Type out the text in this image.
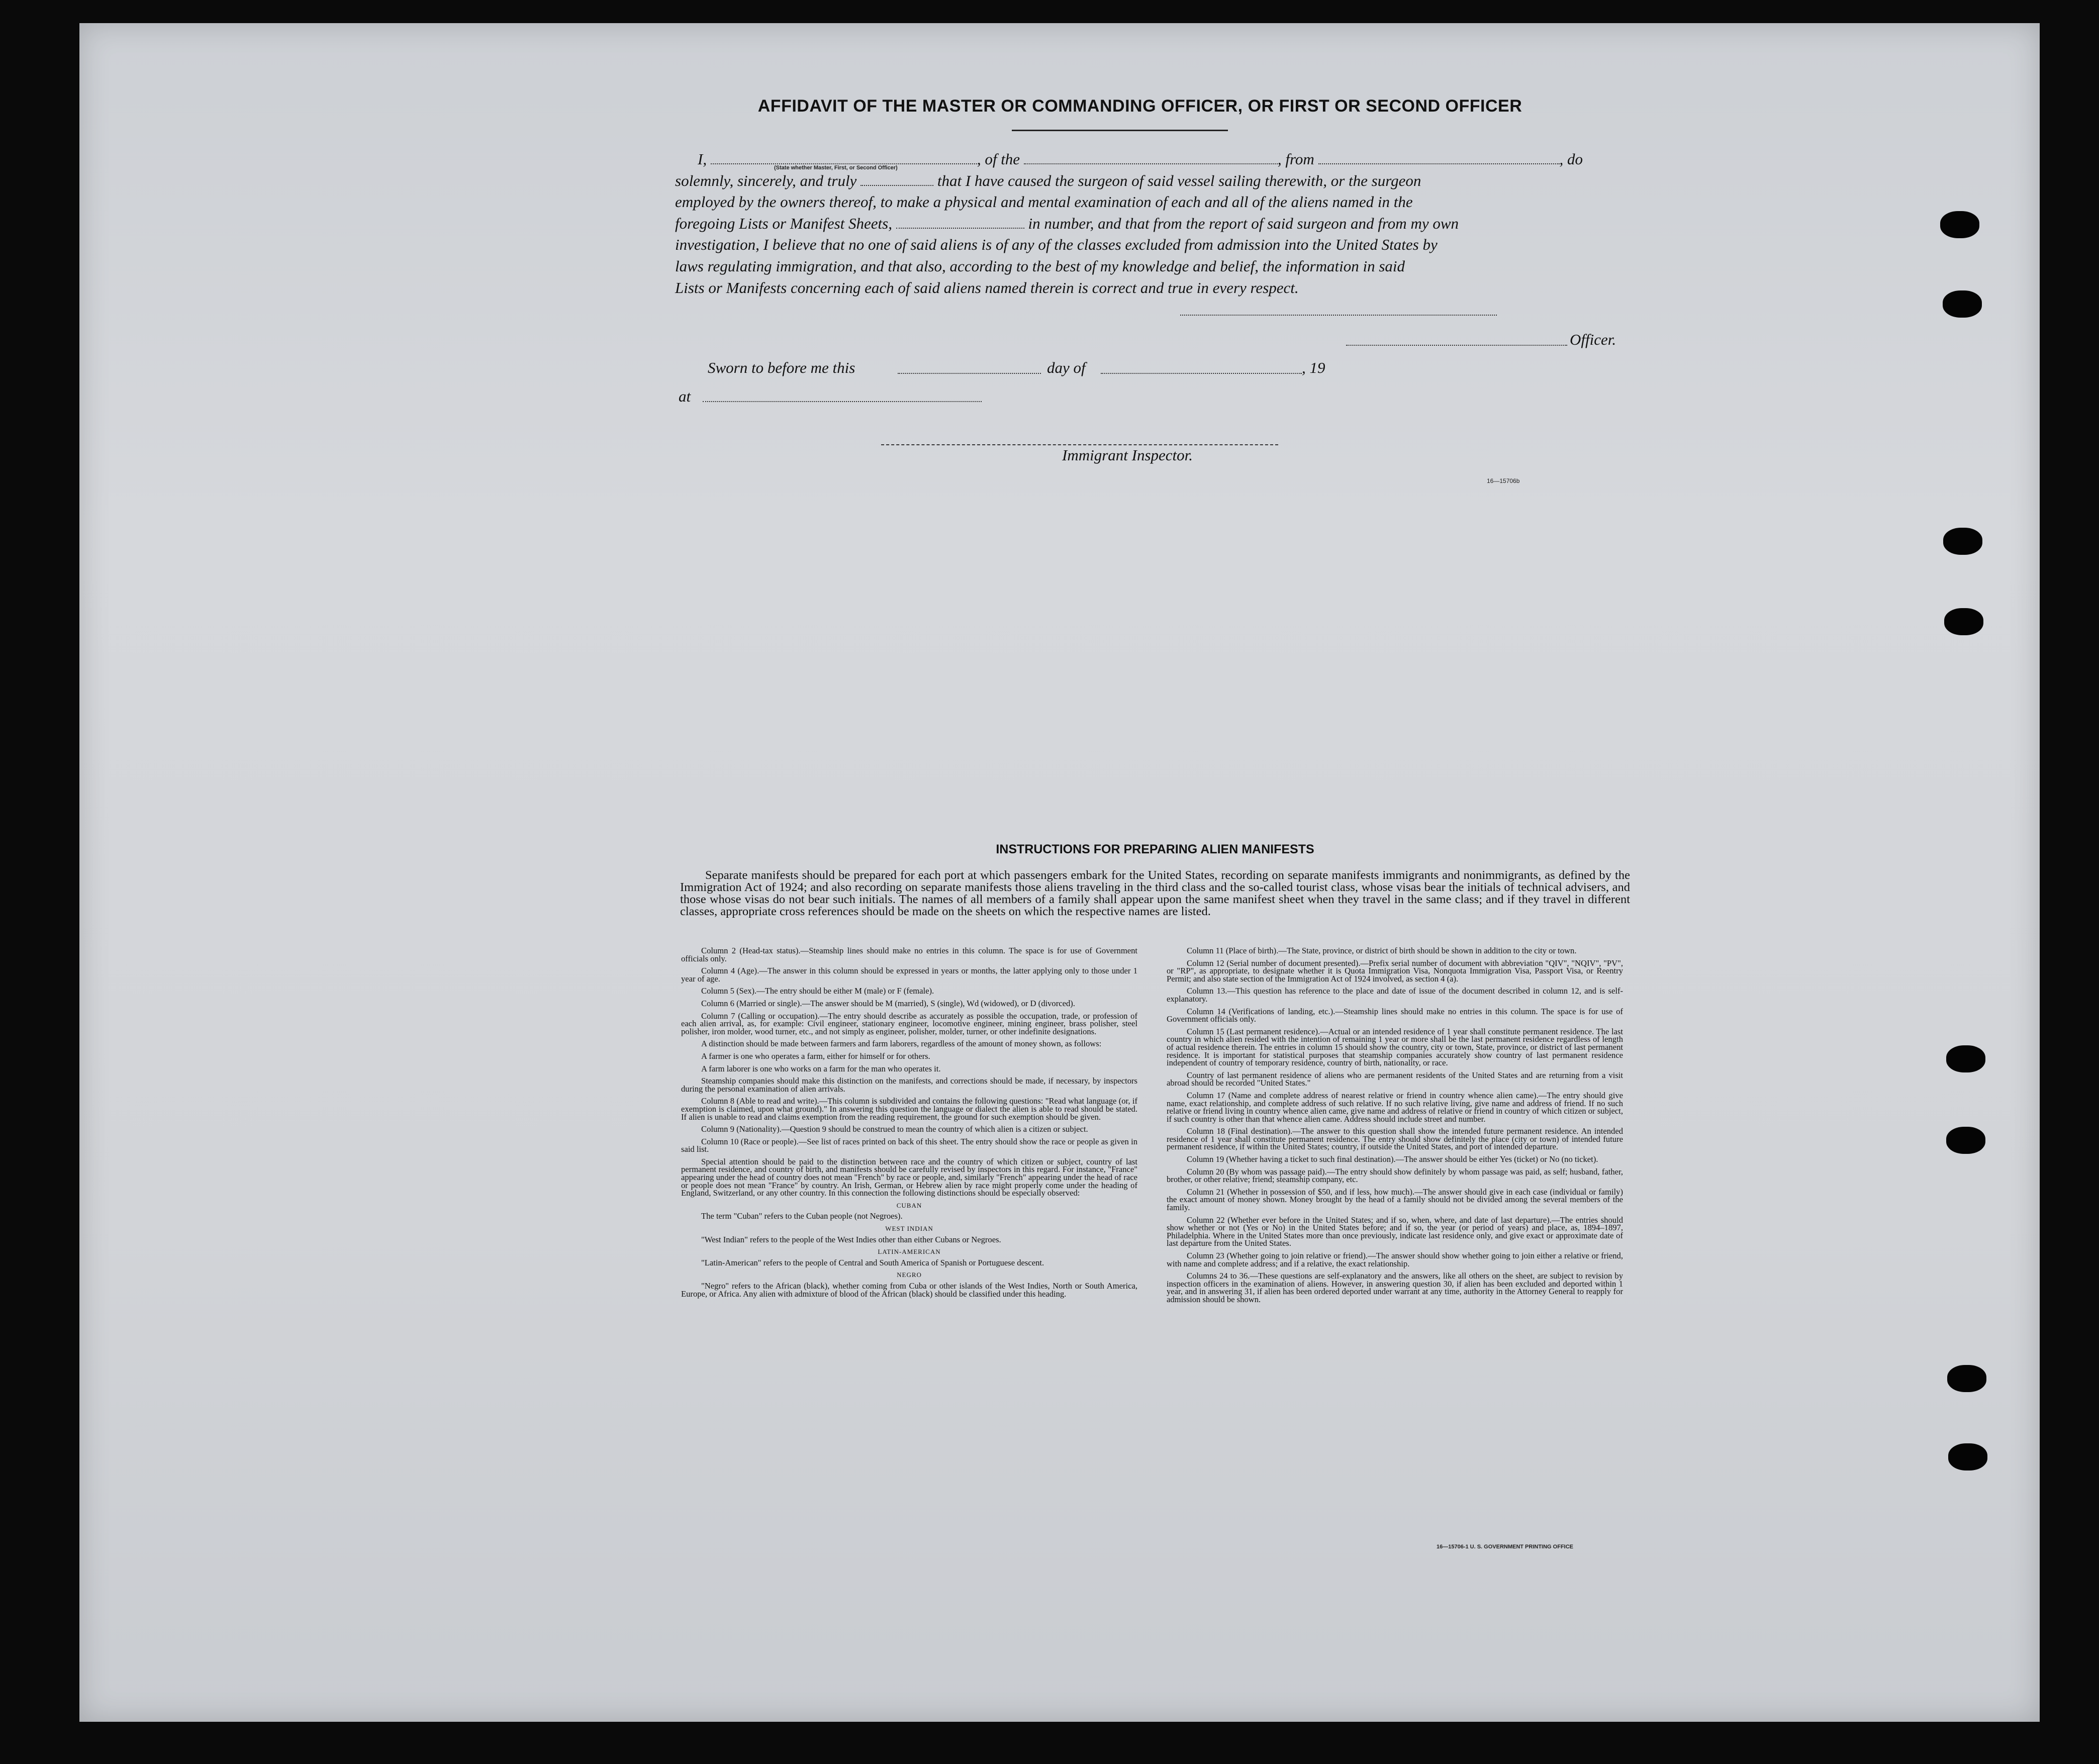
AFFIDAVIT OF THE MASTER OR COMMANDING OFFICER, OR FIRST OR SECOND OFFICER
I,	, of the	, from	, do
solemnly, sincerely, and truly	that I have caused the surgeon of said vessel sailing therewith, or the surgeon
employed by the owners thereof, to make a physical and mental examination of each and all of the aliens named in the
foregoing Lists or Manifest Sheets,	in number, and that from the report of said surgeon and from my own
investigation, I believe that no one of said aliens is of any of the classes excluded from admission into the United States by
laws regulating immigration, and that also, according to the best of my knowledge and belief, the information in said
Lists or Manifests concerning each of said aliens named therein is correct and true in every respect.
(State whether Master, First, or Second Officer)
Officer.
Sworn to before me this	day of	, 19
at
Immigrant Inspector.
16—15706b
INSTRUCTIONS FOR PREPARING ALIEN MANIFESTS
Separate manifests should be prepared for each port at which passengers embark for the United States, recording on separate manifests immigrants and nonimmigrants, as defined by the Immigration Act of 1924; and also recording on separate manifests those aliens traveling in the third class and the so-called tourist class, whose visas bear the initials of technical advisers, and those whose visas do not bear such initials. The names of all members of a family shall appear upon the same manifest sheet when they travel in the same class; and if they travel in different classes, appropriate cross references should be made on the sheets on which the respective names are listed.

Column 2 (Head-tax status).—Steamship lines should make no entries in this column. The space is for use of Government officials only.

Column 4 (Age).—The answer in this column should be expressed in years or months, the latter applying only to those under 1 year of age.

Column 5 (Sex).—The entry should be either M (male) or F (female).

Column 6 (Married or single).—The answer should be M (married), S (single), Wd (widowed), or D (divorced).

Column 7 (Calling or occupation).—The entry should describe as accurately as possible the occupation, trade, or profession of each alien arrival, as, for example: Civil engineer, stationary engineer, locomotive engineer, mining engineer, brass polisher, steel polisher, iron molder, wood turner, etc., and not simply as engineer, polisher, molder, turner, or other indefinite designations.

A distinction should be made between farmers and farm laborers, regardless of the amount of money shown, as follows:

A farmer is one who operates a farm, either for himself or for others.

A farm laborer is one who works on a farm for the man who operates it.

Steamship companies should make this distinction on the manifests, and corrections should be made, if necessary, by inspectors during the personal examination of alien arrivals.

Column 8 (Able to read and write).—This column is subdivided and contains the following questions: "Read what language (or, if exemption is claimed, upon what ground)." In answering this question the language or dialect the alien is able to read should be stated. If alien is unable to read and claims exemption from the reading requirement, the ground for such exemption should be given.

Column 9 (Nationality).—Question 9 should be construed to mean the country of which alien is a citizen or subject.

Column 10 (Race or people).—See list of races printed on back of this sheet. The entry should show the race or people as given in said list.

Special attention should be paid to the distinction between race and the country of which citizen or subject, country of last permanent residence, and country of birth, and manifests should be carefully revised by inspectors in this regard. For instance, "France" appearing under the head of country does not mean "French" by race or people, and, similarly "French" appearing under the head of race or people does not mean "France" by country. An Irish, German, or Hebrew alien by race might properly come under the heading of England, Switzerland, or any other country. In this connection the following distinctions should be especially observed:

CUBAN

The term "Cuban" refers to the Cuban people (not Negroes).

WEST INDIAN

"West Indian" refers to the people of the West Indies other than either Cubans or Negroes.

LATIN-AMERICAN

"Latin-American" refers to the people of Central and South America of Spanish or Portuguese descent.

NEGRO

"Negro" refers to the African (black), whether coming from Cuba or other islands of the West Indies, North or South America, Europe, or Africa. Any alien with admixture of blood of the African (black) should be classified under this heading.

Column 11 (Place of birth).—The State, province, or district of birth should be shown in addition to the city or town.

Column 12 (Serial number of document presented).—Prefix serial number of document with abbreviation "QIV", "NQIV", "PV", or "RP", as appropriate, to designate whether it is Quota Immigration Visa, Nonquota Immigration Visa, Passport Visa, or Reentry Permit; and also state section of the Immigration Act of 1924 involved, as section 4 (a).

Column 13.—This question has reference to the place and date of issue of the document described in column 12, and is self-explanatory.

Column 14 (Verifications of landing, etc.).—Steamship lines should make no entries in this column. The space is for use of Government officials only.

Column 15 (Last permanent residence).—Actual or an intended residence of 1 year shall constitute permanent residence. The last country in which alien resided with the intention of remaining 1 year or more shall be the last permanent residence regardless of length of actual residence therein. The entries in column 15 should show the country, city or town, State, province, or district of last permanent residence. It is important for statistical purposes that steamship companies accurately show country of last permanent residence independent of country of temporary residence, country of birth, nationality, or race.

Country of last permanent residence of aliens who are permanent residents of the United States and are returning from a visit abroad should be recorded "United States."

Column 17 (Name and complete address of nearest relative or friend in country whence alien came).—The entry should give name, exact relationship, and complete address of such relative. If no such relative living, give name and address of friend. If no such relative or friend living in country whence alien came, give name and address of relative or friend in country of which citizen or subject, if such country is other than that whence alien came. Address should include street and number.

Column 18 (Final destination).—The answer to this question shall show the intended future permanent residence. An intended residence of 1 year shall constitute permanent residence. The entry should show definitely the place (city or town) of intended future permanent residence, if within the United States; country, if outside the United States, and port of intended departure.

Column 19 (Whether having a ticket to such final destination).—The answer should be either Yes (ticket) or No (no ticket).

Column 20 (By whom was passage paid).—The entry should show definitely by whom passage was paid, as self; husband, father, brother, or other relative; friend; steamship company, etc.

Column 21 (Whether in possession of $50, and if less, how much).—The answer should give in each case (individual or family) the exact amount of money shown. Money brought by the head of a family should not be divided among the several members of the family.

Column 22 (Whether ever before in the United States; and if so, when, where, and date of last departure).—The entries should show whether or not (Yes or No) in the United States before; and if so, the year (or period of years) and place, as, 1894–1897, Philadelphia. Where in the United States more than once previously, indicate last residence only, and give exact or approximate date of last departure from the United States.

Column 23 (Whether going to join relative or friend).—The answer should show whether going to join either a relative or friend, with name and complete address; and if a relative, the exact relationship.

Columns 24 to 36.—These questions are self-explanatory and the answers, like all others on the sheet, are subject to revision by inspection officers in the examination of aliens. However, in answering question 30, if alien has been excluded and deported within 1 year, and in answering 31, if alien has been ordered deported under warrant at any time, authority in the Attorney General to reapply for admission should be shown.

16—15706-1 U. S. GOVERNMENT PRINTING OFFICE
